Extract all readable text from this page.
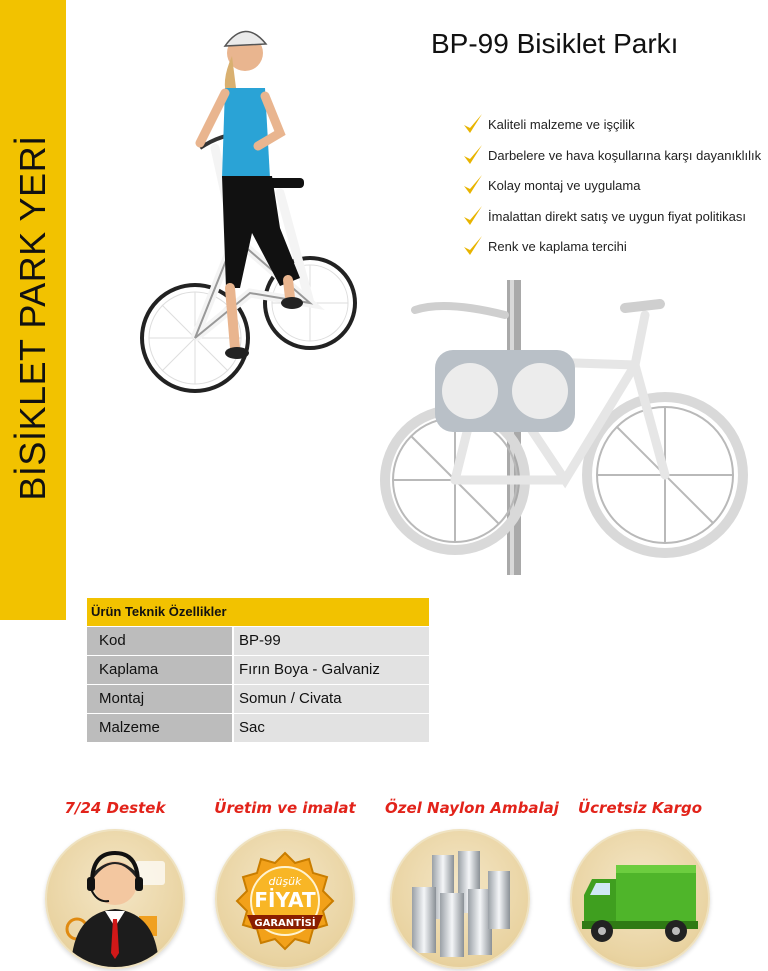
BİSİKLET PARK YERİ
BP-99 Bisiklet Parkı
Kaliteli malzeme ve işçilik
Darbelere ve hava koşullarına karşı dayanıklılık
Kolay montaj ve uygulama
İmalattan direkt satış ve uygun fiyat politikası
Renk ve kaplama tercihi
Ürün Teknik Özellikler
Kod	BP-99
Kaplama	Fırın Boya - Galvaniz
Montaj	Somun / Civata
Malzeme	Sac
7/24 Destek	Üretim ve imalat
düşük
FİYAT
GARANTİSİ
Özel Naylon Ambalaj	Ücretsiz Kargo
